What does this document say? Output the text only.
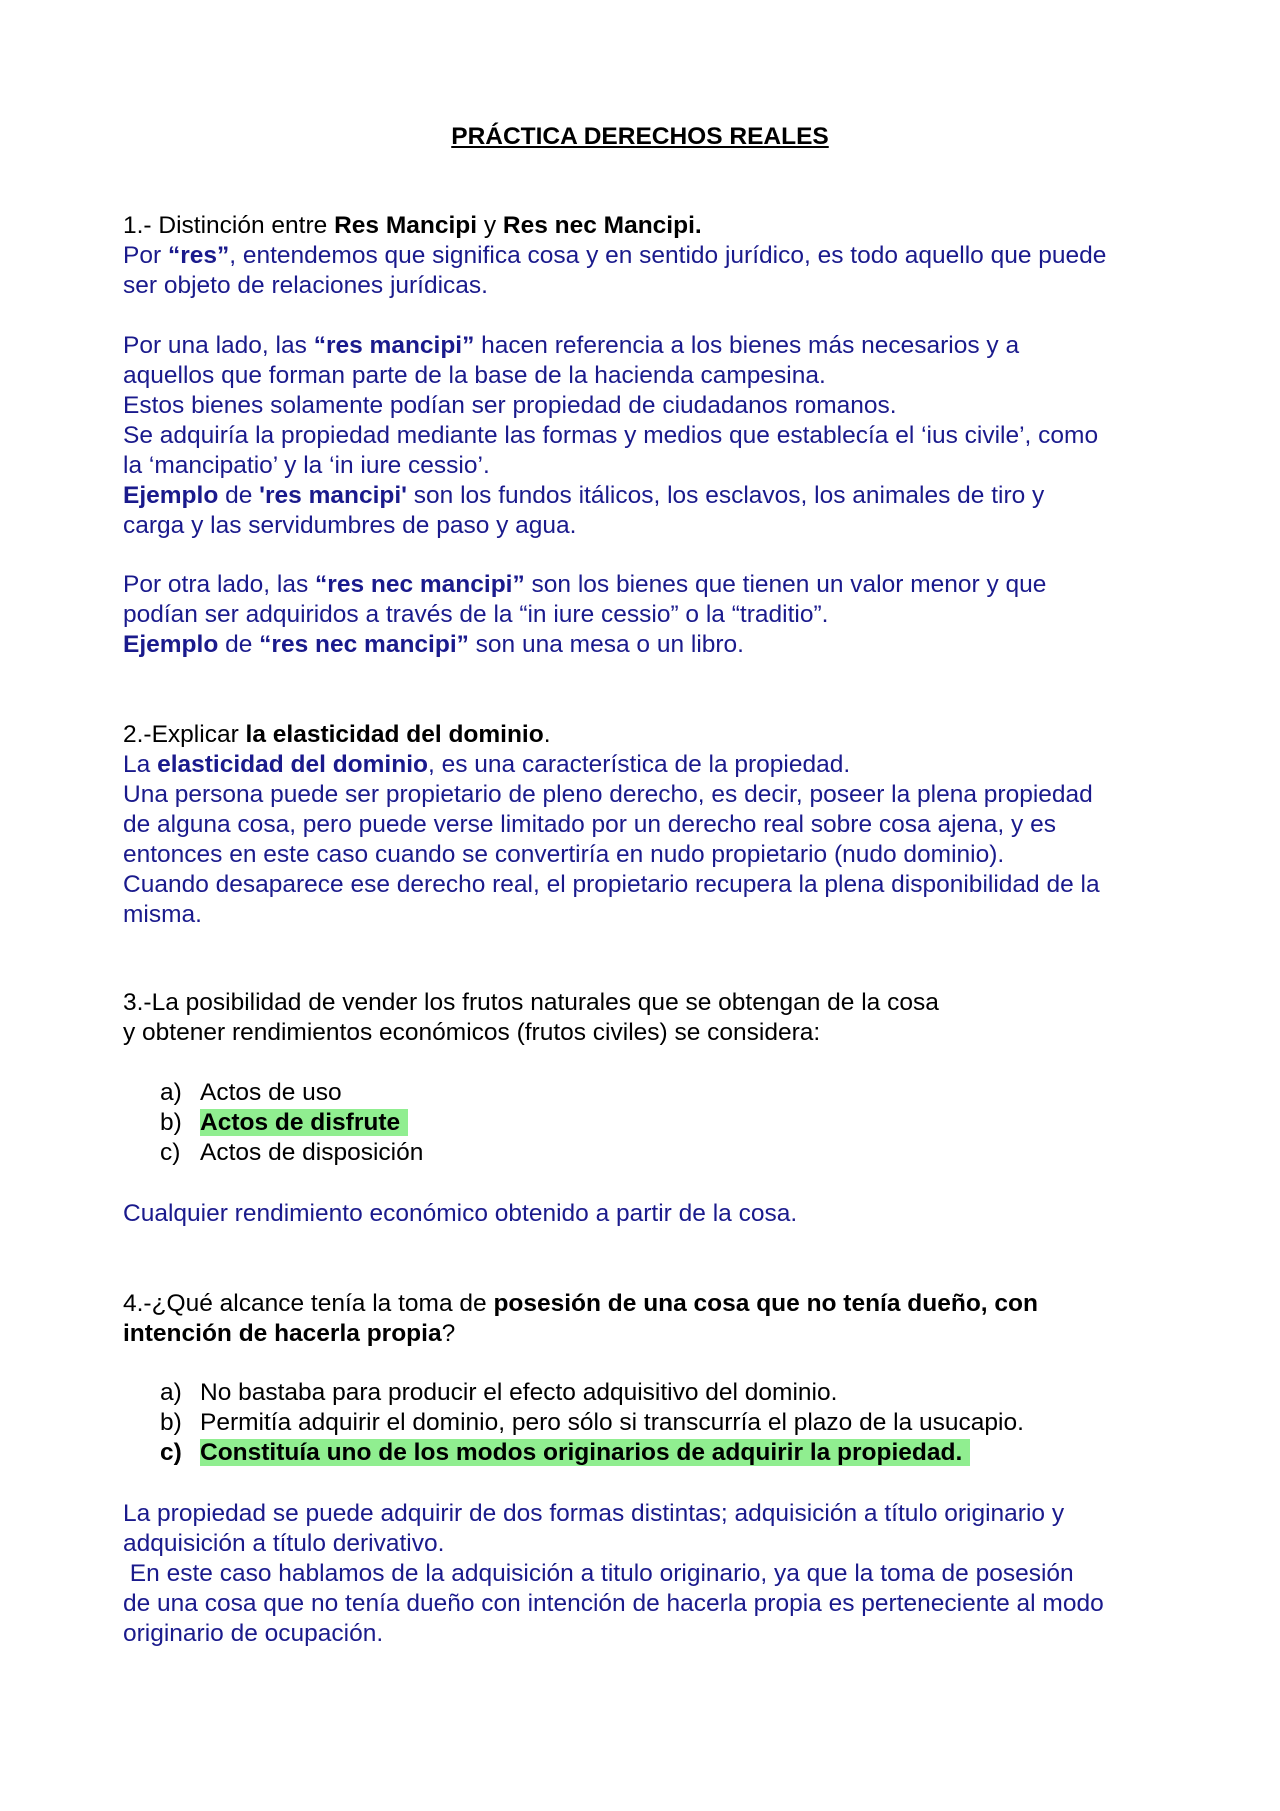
PRÁCTICA DERECHOS REALES
1.- Distinción entre Res Mancipi y Res nec Mancipi.
Por “res”, entendemos que significa cosa y en sentido jurídico, es todo aquello que puede
ser objeto de relaciones jurídicas.
Por una lado, las “res mancipi” hacen referencia a los bienes más necesarios y a
aquellos que forman parte de la base de la hacienda campesina.
Estos bienes solamente podían ser propiedad de ciudadanos romanos.
Se adquiría la propiedad mediante las formas y medios que establecía el ‘ius civile’, como
la ‘mancipatio’ y la ‘in iure cessio’.
Ejemplo de 'res mancipi' son los fundos itálicos, los esclavos, los animales de tiro y
carga y las servidumbres de paso y agua.
Por otra lado, las “res nec mancipi” son los bienes que tienen un valor menor y que
podían ser adquiridos a través de la “in iure cessio” o la “traditio”.
Ejemplo de “res nec mancipi” son una mesa o un libro.
2.-Explicar la elasticidad del dominio.
La elasticidad del dominio, es una característica de la propiedad.
Una persona puede ser propietario de pleno derecho, es decir, poseer la plena propiedad
de alguna cosa, pero puede verse limitado por un derecho real sobre cosa ajena, y es
entonces en este caso cuando se convertiría en nudo propietario (nudo dominio).
Cuando desaparece ese derecho real, el propietario recupera la plena disponibilidad de la
misma.
3.-La posibilidad de vender los frutos naturales que se obtengan de la cosa
y obtener rendimientos económicos (frutos civiles) se considera:
a) Actos de uso
b) Actos de disfrute
c) Actos de disposición
Cualquier rendimiento económico obtenido a partir de la cosa.
4.-¿Qué alcance tenía la toma de posesión de una cosa que no tenía dueño, con
intención de hacerla propia?
a) No bastaba para producir el efecto adquisitivo del dominio.
b) Permitía adquirir el dominio, pero sólo si transcurría el plazo de la usucapio.
c) Constituía uno de los modos originarios de adquirir la propiedad.
La propiedad se puede adquirir de dos formas distintas; adquisición a título originario y
adquisición a título derivativo.
En este caso hablamos de la adquisición a titulo originario, ya que la toma de posesión
de una cosa que no tenía dueño con intención de hacerla propia es perteneciente al modo
originario de ocupación.
